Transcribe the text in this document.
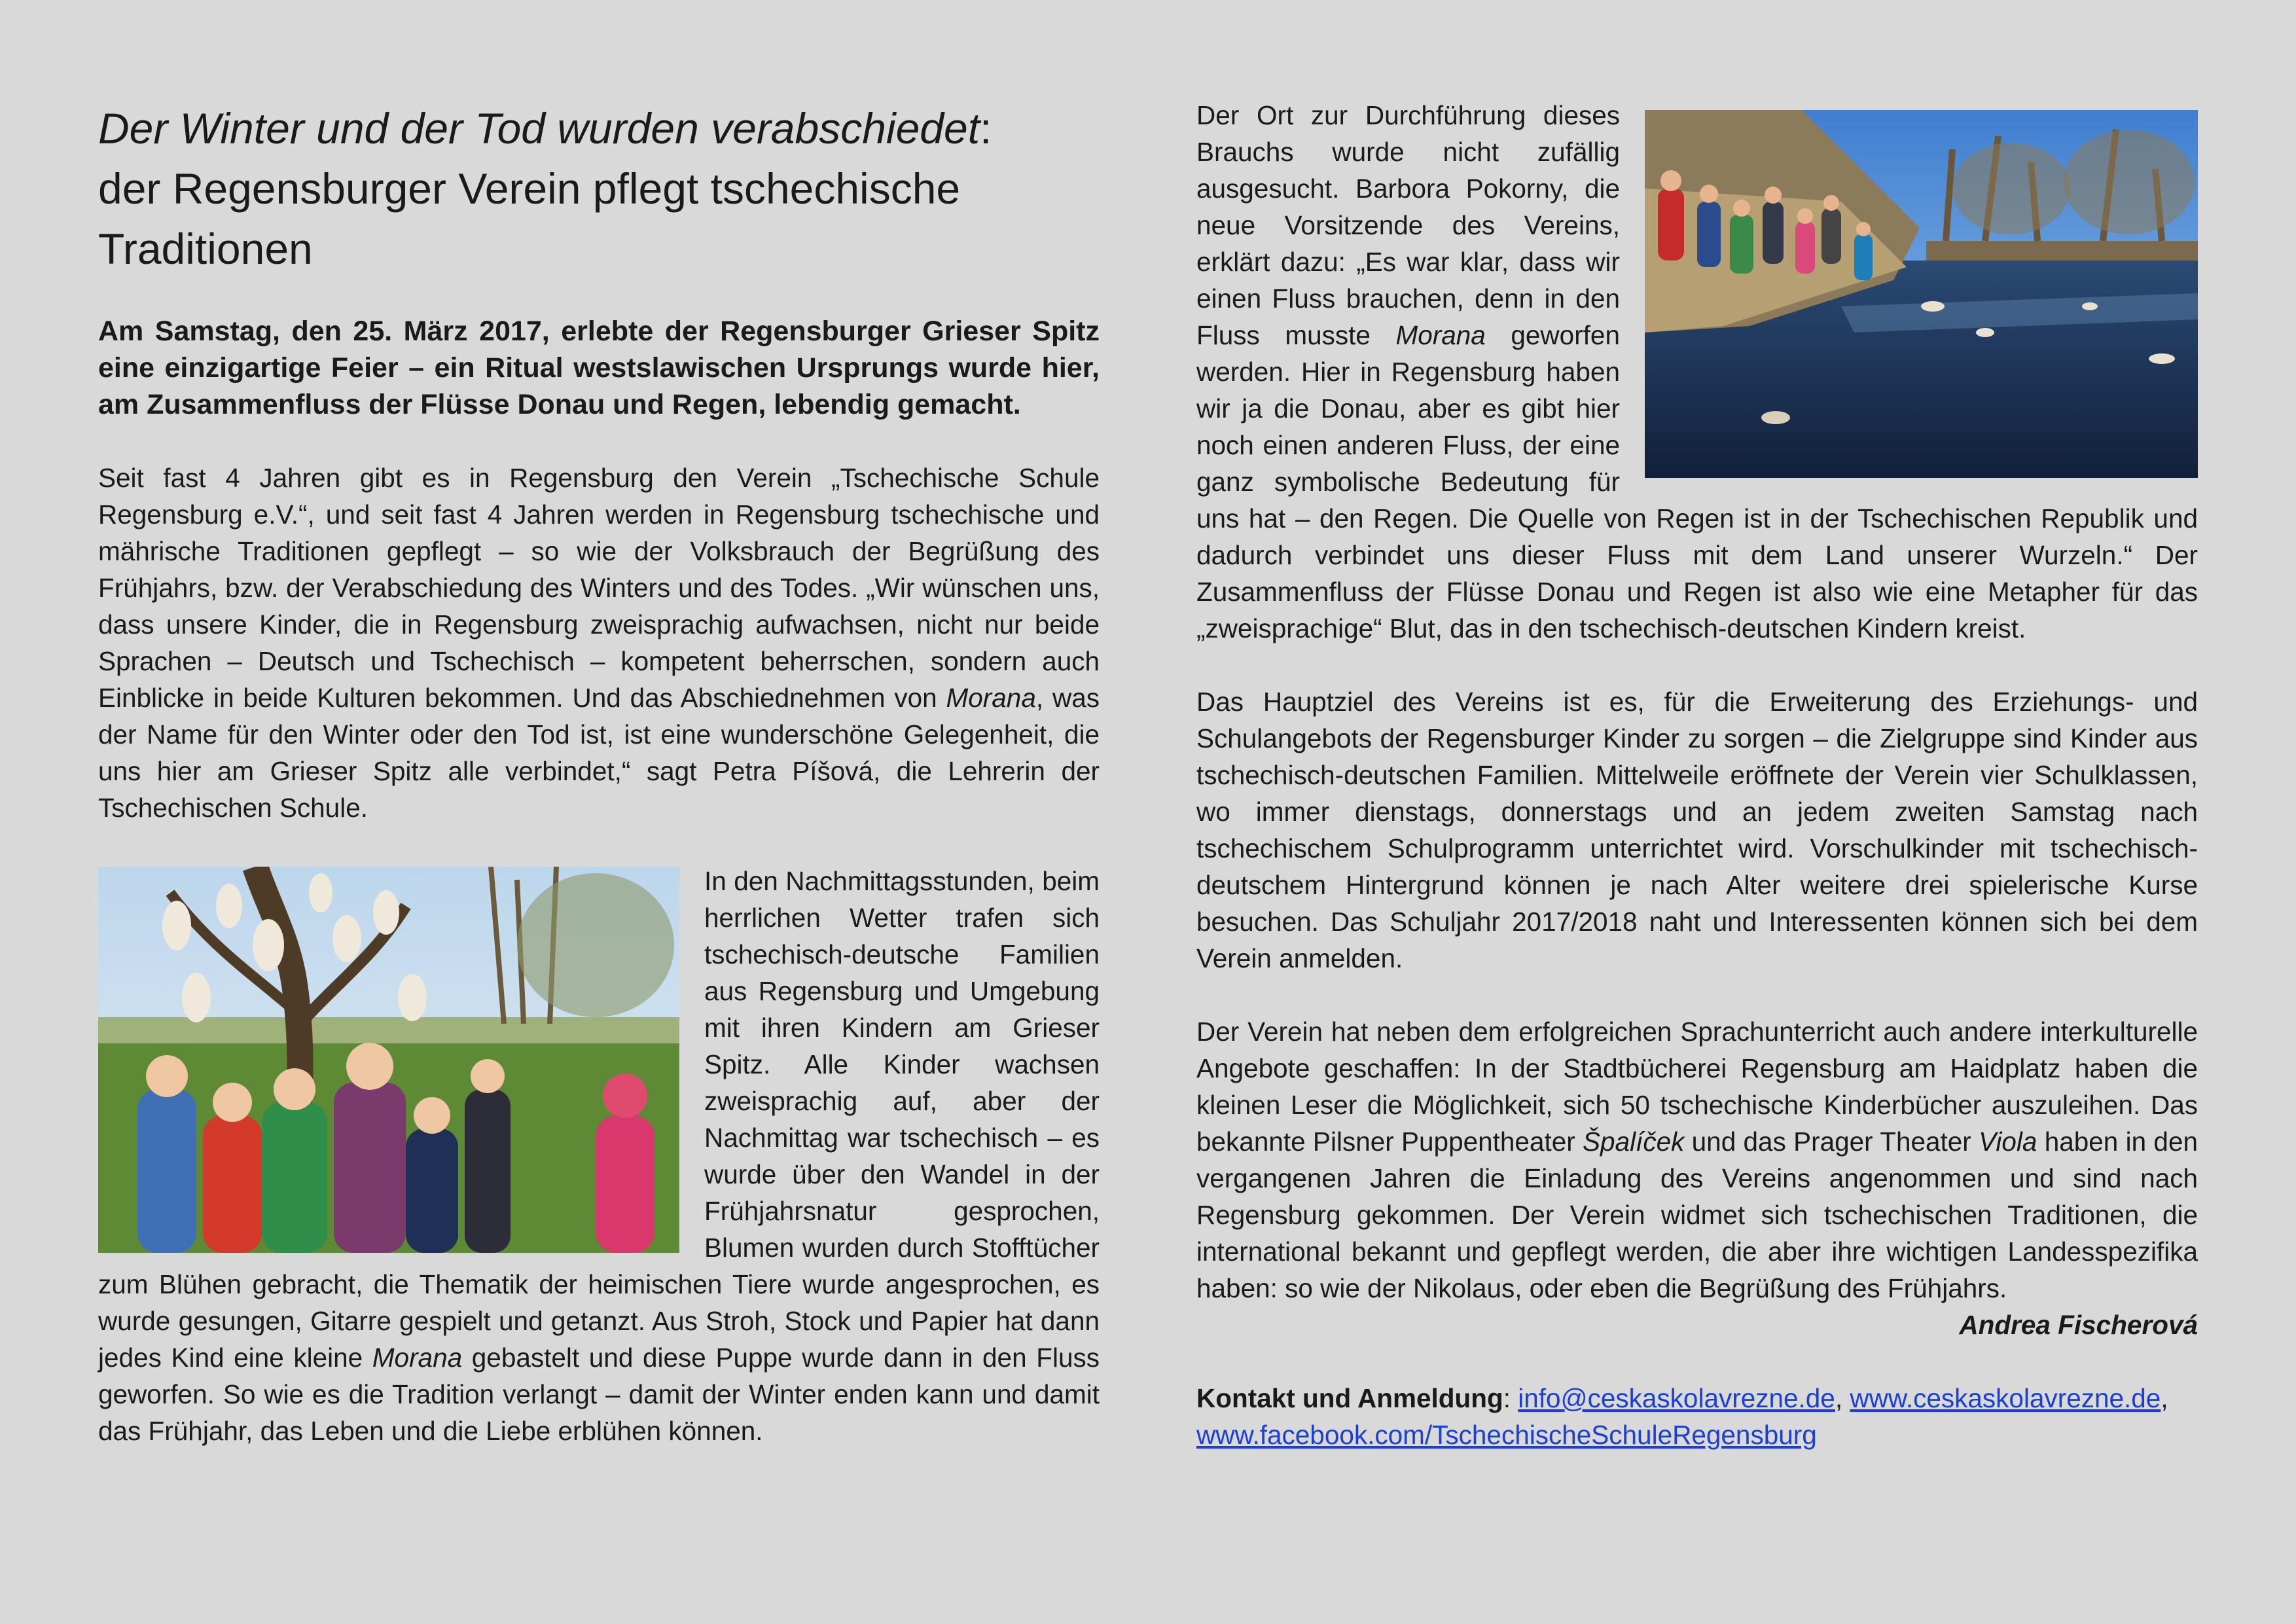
Der Winter und der Tod wurden verabschiedet:
der Regensburger Verein pflegt tschechische Traditionen

Am Samstag, den 25. März 2017, erlebte der Regensburger Grieser Spitz eine einzigartige Feier – ein Ritual westslawischen Ursprungs wurde hier, am Zusammenfluss der Flüsse Donau und Regen, lebendig gemacht.

Seit fast 4 Jahren gibt es in Regensburg den Verein „Tschechische Schule Regensburg e.V.“, und seit fast 4 Jahren werden in Regensburg tschechische und mährische Traditionen gepflegt – so wie der Volksbrauch der Begrüßung des Frühjahrs, bzw. der Verabschiedung des Winters und des Todes. „Wir wünschen uns, dass unsere Kinder, die in Regensburg zweisprachig aufwachsen, nicht nur beide Sprachen – Deutsch und Tschechisch – kompetent beherrschen, sondern auch Einblicke in beide Kulturen bekommen. Und das Abschiednehmen von Morana, was der Name für den Winter oder den Tod ist, ist eine wunderschöne Gelegenheit, die uns hier am Grieser Spitz alle verbindet,“ sagt Petra Píšová, die Lehrerin der Tschechischen Schule.

In den Nachmittagsstunden, beim herrlichen Wetter trafen sich tschechisch-deutsche Familien aus Regensburg und Umgebung mit ihren Kindern am Grieser Spitz. Alle Kinder wachsen zweisprachig auf, aber der Nachmittag war tschechisch – es wurde über den Wandel in der Frühjahrsnatur gesprochen, Blumen wurden durch Stofftücher zum Blühen gebracht, die Thematik der heimischen Tiere wurde angesprochen, es wurde gesungen, Gitarre gespielt und getanzt. Aus Stroh, Stock und Papier hat dann jedes Kind eine kleine Morana gebastelt und diese Puppe wurde dann in den Fluss geworfen. So wie es die Tradition verlangt – damit der Winter enden kann und damit das Frühjahr, das Leben und die Liebe erblühen können.

Der Ort zur Durchführung dieses Brauchs wurde nicht zufällig ausgesucht. Barbora Pokorny, die neue Vorsitzende des Vereins, erklärt dazu: „Es war klar, dass wir einen Fluss brauchen, denn in den Fluss musste Morana geworfen werden. Hier in Regensburg haben wir ja die Donau, aber es gibt hier noch einen anderen Fluss, der eine ganz symbolische Bedeutung für uns hat – den Regen. Die Quelle von Regen ist in der Tschechischen Republik und dadurch verbindet uns dieser Fluss mit dem Land unserer Wurzeln.“ Der Zusammenfluss der Flüsse Donau und Regen ist also wie eine Metapher für das „zweisprachige“ Blut, das in den tschechisch-deutschen Kindern kreist.

Das Hauptziel des Vereins ist es, für die Erweiterung des Erziehungs- und Schulangebots der Regensburger Kinder zu sorgen – die Zielgruppe sind Kinder aus tschechisch-deutschen Familien. Mittelweile eröffnete der Verein vier Schulklassen, wo immer dienstags, donnerstags und an jedem zweiten Samstag nach tschechischem Schulprogramm unterrichtet wird. Vorschulkinder mit tschechisch-deutschem Hintergrund können je nach Alter weitere drei spielerische Kurse besuchen. Das Schuljahr 2017/2018 naht und Interessenten können sich bei dem Verein anmelden.

Der Verein hat neben dem erfolgreichen Sprachunterricht auch andere interkulturelle Angebote geschaffen: In der Stadtbücherei Regensburg am Haidplatz haben die kleinen Leser die Möglichkeit, sich 50 tschechische Kinderbücher auszuleihen. Das bekannte Pilsner Puppentheater Špalíček und das Prager Theater Viola haben in den vergangenen Jahren die Einladung des Vereins angenommen und sind nach Regensburg gekommen. Der Verein widmet sich tschechischen Traditionen, die international bekannt und gepflegt werden, die aber ihre wichtigen Landesspezifika haben: so wie der Nikolaus, oder eben die Begrüßung des Frühjahrs.

Andrea Fischerová

Kontakt und Anmeldung: info@ceskaskolavrezne.de, www.ceskaskolavrezne.de,
www.facebook.com/TschechischeSchuleRegensburg
